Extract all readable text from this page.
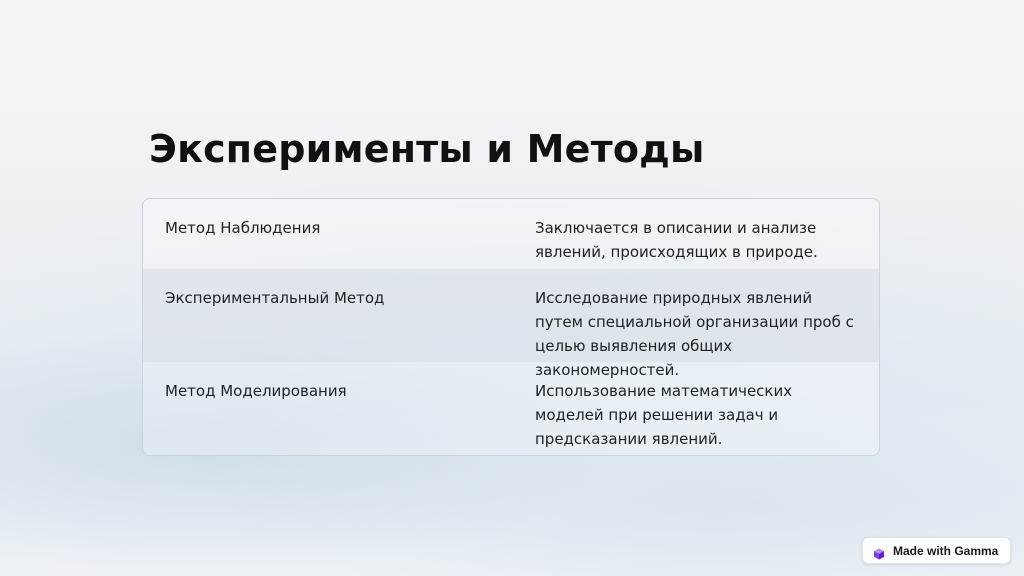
Эксперименты и Методы
Метод Наблюдения	Заключается в описании и анализе явлений, происходящих в природе.
Экспериментальный Метод	Исследование природных явлений путем специальной организации проб с целью выявления общих закономерностей.
Метод Моделирования	Использование математических моделей при решении задач и предсказании явлений.
Made with Gamma
